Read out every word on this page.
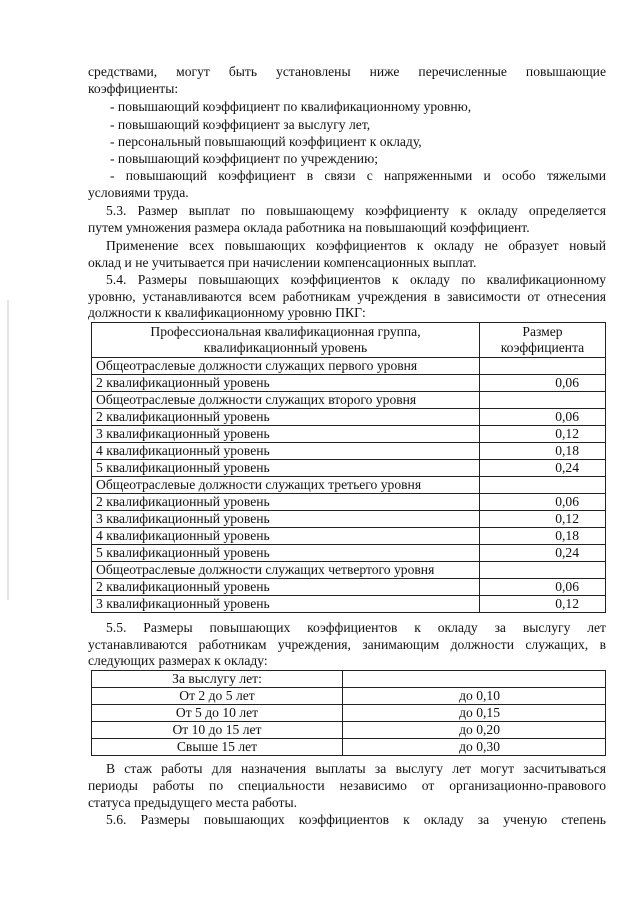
средствами, могут быть установлены ниже перечисленные повышающие
коэффициенты:
- повышающий коэффициент по квалификационному уровню,
- повышающий коэффициент за выслугу лет,
- персональный повышающий коэффициент к окладу,
- повышающий коэффициент по учреждению;
- повышающий коэффициент в связи с напряженными и особо тяжелыми
условиями труда.
5.3. Размер выплат по повышающему коэффициенту к окладу определяется
путем умножения размера оклада работника на повышающий коэффициент.
Применение всех повышающих коэффициентов к окладу не образует новый
оклад и не учитывается при начислении компенсационных выплат.
5.4. Размеры повышающих коэффициентов к окладу по квалификационному
уровню, устанавливаются всем работникам учреждения в зависимости от отнесения
должности к квалификационному уровню ПКГ:
Профессиональная квалификационная группа,
квалификационный уровень	Размер
коэффициента
Общеотраслевые должности служащих первого уровня	
2 квалификационный уровень	0,06
Общеотраслевые должности служащих второго уровня	
2 квалификационный уровень	0,06
3 квалификационный уровень	0,12
4 квалификационный уровень	0,18
5 квалификационный уровень	0,24
Общеотраслевые должности служащих третьего уровня	
2 квалификационный уровень	0,06
3 квалификационный уровень	0,12
4 квалификационный уровень	0,18
5 квалификационный уровень	0,24
Общеотраслевые должности служащих четвертого уровня	
2 квалификационный уровень	0,06
3 квалификационный уровень	0,12
5.5. Размеры повышающих коэффициентов к окладу за выслугу лет
устанавливаются работникам учреждения, занимающим должности служащих, в
следующих размерах к окладу:
За выслугу лет:	
От 2 до 5 лет	до 0,10
От 5 до 10 лет	до 0,15
От 10 до 15 лет	до 0,20
Свыше 15 лет	до 0,30
В стаж работы для назначения выплаты за выслугу лет могут засчитываться
периоды работы по специальности независимо от организационно-правового
статуса предыдущего места работы.
5.6. Размеры повышающих коэффициентов к окладу за ученую степень
